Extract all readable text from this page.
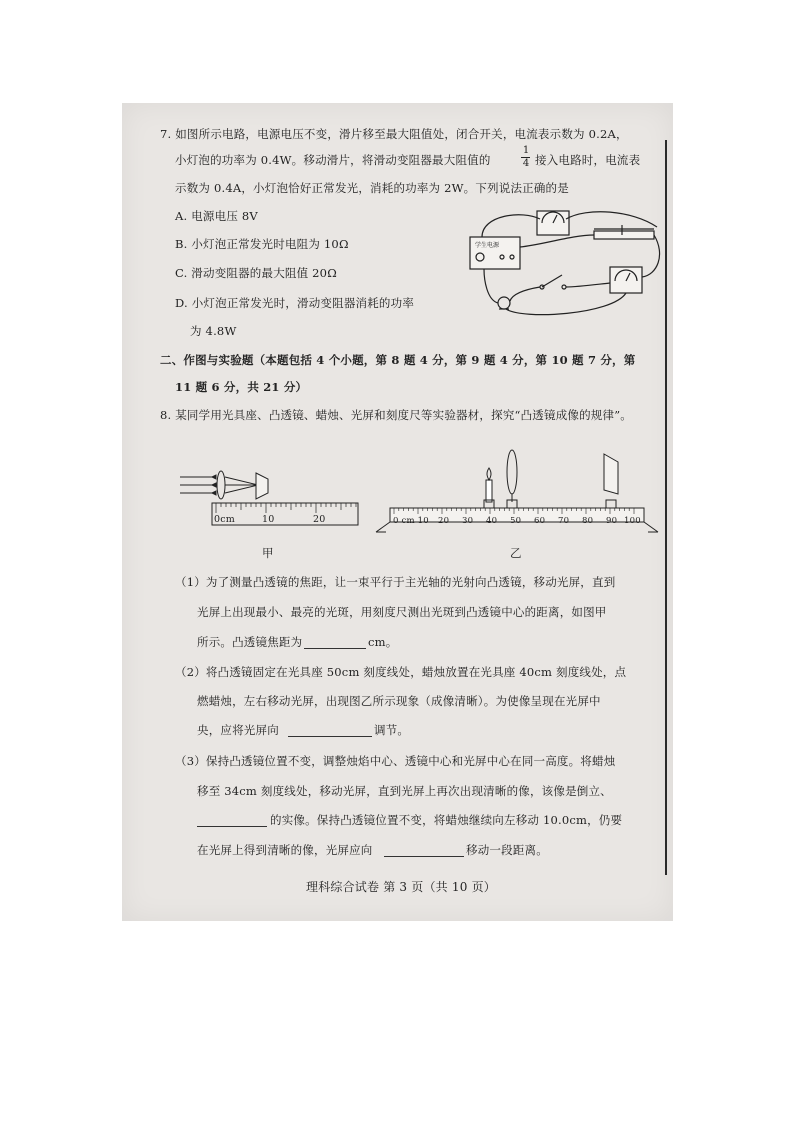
7. 如图所示电路，电源电压不变，滑片移至最大阻值处，闭合开关，电流表示数为 0.2A，
小灯泡的功率为 0.4W。移动滑片，将滑动变阻器最大阻值的
1
4 接入电路时，电流表
示数为 0.4A，小灯泡恰好正常发光，消耗的功率为 2W。下列说法正确的是
A. 电源电压 8V
B. 小灯泡正常发光时电阻为 10Ω
C. 滑动变阻器的最大阻值 20Ω
D. 小灯泡正常发光时，滑动变阻器消耗的功率
为 4.8W
学生电源
二、作图与实验题（本题包括 4 个小题，第 8 题 4 分，第 9 题 4 分，第 10 题 7 分，第
11 题 6 分，共 21 分）
8. 某同学用光具座、凸透镜、蜡烛、光屏和刻度尺等实验器材，探究“凸透镜成像的规律”。
0cm	10	20
甲
0 cm 10 20 30 40 50 60 70 80 90 100
乙
（1）为了测量凸透镜的焦距，让一束平行于主光轴的光射向凸透镜，移动光屏，直到
光屏上出现最小、最亮的光斑，用刻度尺测出光斑到凸透镜中心的距离，如图甲
所示。凸透镜焦距为	cm。
（2）将凸透镜固定在光具座 50cm 刻度线处，蜡烛放置在光具座 40cm 刻度线处，点
燃蜡烛，左右移动光屏，出现图乙所示现象（成像清晰）。为使像呈现在光屏中
央，应将光屏向	调节。
（3）保持凸透镜位置不变，调整烛焰中心、透镜中心和光屏中心在同一高度。将蜡烛
移至 34cm 刻度线处，移动光屏，直到光屏上再次出现清晰的像，该像是倒立、
的实像。保持凸透镜位置不变，将蜡烛继续向左移动 10.0cm，仍要
在光屏上得到清晰的像，光屏应向	移动一段距离。
理科综合试卷 第 3 页（共 10 页）
